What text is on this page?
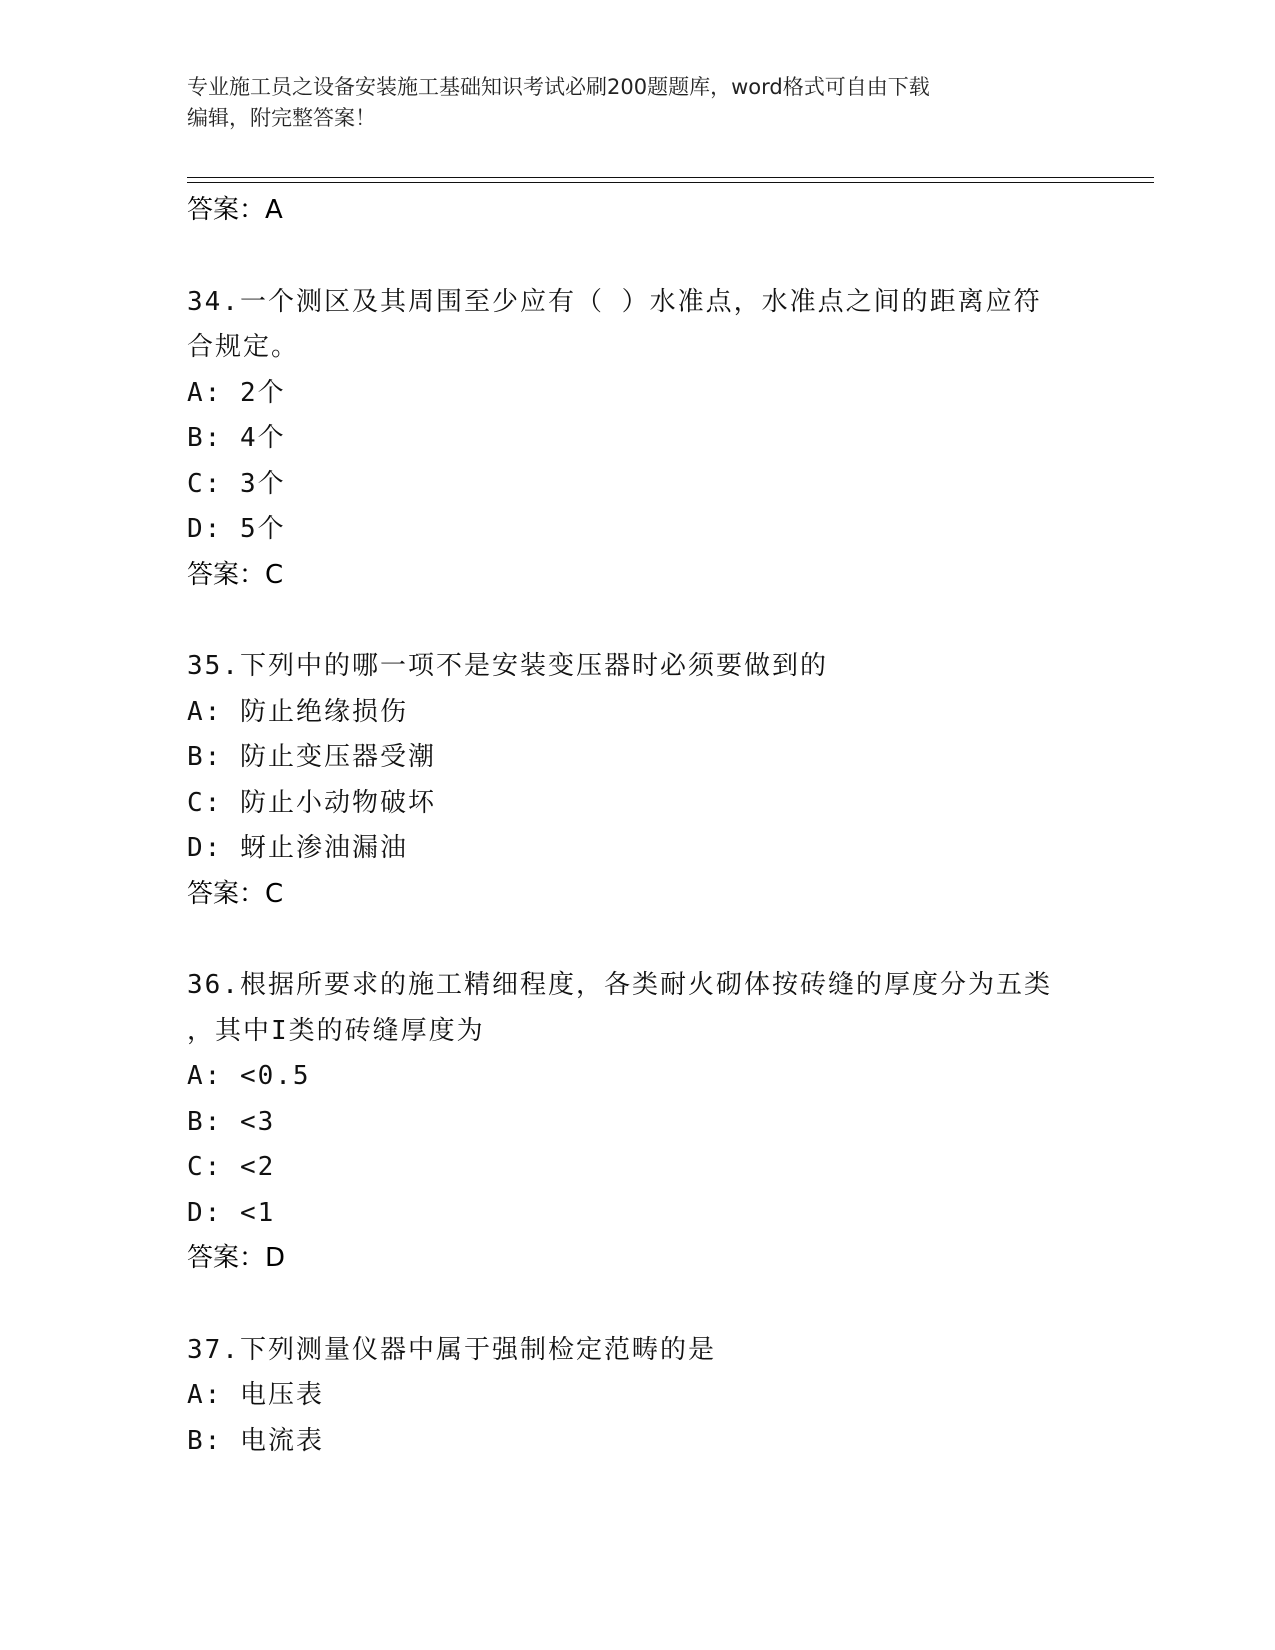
专业施工员之设备安装施工基础知识考试必刷200题题库，word格式可自由下载
编辑，附完整答案！
答案：A
34.一个测区及其周围至少应有（ ）水准点，水准点之间的距离应符
合规定。
A: 2个
B: 4个
C: 3个
D: 5个
答案：C
35.下列中的哪一项不是安装变压器时必须要做到的
A: 防止绝缘损伤
B: 防止变压器受潮
C: 防止小动物破坏
D: 蚜止渗油漏油
答案：C
36.根据所要求的施工精细程度，各类耐火砌体按砖缝的厚度分为五类
，其中I类的砖缝厚度为
A: <0.5
B: <3
C: <2
D: <1
答案：D
37.下列测量仪器中属于强制检定范畴的是
A: 电压表
B: 电流表
